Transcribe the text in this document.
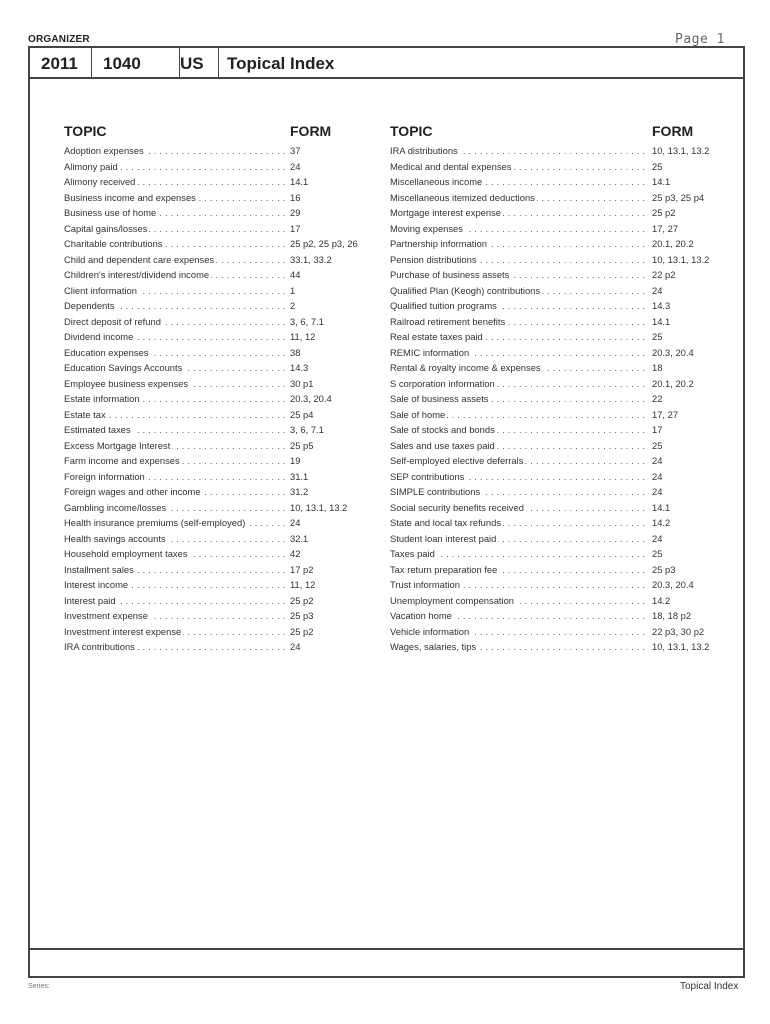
ORGANIZER	Page 1
2011	1040	US	Topical Index
TOPIC	FORM
Adoption expenses . . .	37
Alimony paid . . .	24
Alimony received . . .	14.1
Business income and expenses . . .	16
Business use of home . . .	29
Capital gains/losses . . .	17
Charitable contributions . . .	25 p2, 25 p3, 26
Child and dependent care expenses . . .	33.1, 33.2
Children's interest/dividend income . . .	44
Client information . . .	1
Dependents . . .	2
Direct deposit of refund . . .	3, 6, 7.1
Dividend income . . .	11, 12
Education expenses . . .	38
Education Savings Accounts . . .	14.3
Employee business expenses . . .	30 p1
Estate information . . .	20.3, 20.4
Estate tax . . .	25 p4
Estimated taxes . . .	3, 6, 7.1
Excess Mortgage Interest . . .	25 p5
Farm income and expenses . . .	19
Foreign information . . .	31.1
Foreign wages and other income . . .	31.2
Gambling income/losses . . .	10, 13.1, 13.2
Health insurance premiums (self-employed) . . .	24
Health savings accounts . . .	32.1
Household employment taxes . . .	42
Installment sales . . .	17 p2
Interest income . . .	11, 12
Interest paid . . .	25 p2
Investment expense . . .	25 p3
Investment interest expense . . .	25 p2
IRA contributions . . .	24
TOPIC	FORM
IRA distributions . . .	10, 13.1, 13.2
Medical and dental expenses . . .	25
Miscellaneous income . . .	14.1
Miscellaneous itemized deductions . . .	25 p3, 25 p4
Mortgage interest expense . . .	25 p2
Moving expenses . . .	17, 27
Partnership information . . .	20.1, 20.2
Pension distributions . . .	10, 13.1, 13.2
Purchase of business assets . . .	22 p2
Qualified Plan (Keogh) contributions . . .	24
Qualified tuition programs . . .	14.3
Railroad retirement benefits . . .	14.1
Real estate taxes paid . . .	25
REMIC information . . .	20.3, 20.4
Rental & royalty income & expenses . . .	18
S corporation information . . .	20.1, 20.2
Sale of business assets . . .	22
Sale of home . . .	17, 27
Sale of stocks and bonds . . .	17
Sales and use taxes paid . . .	25
Self-employed elective deferrals . . .	24
SEP contributions . . .	24
SIMPLE contributions . . .	24
Social security benefits received . . .	14.1
State and local tax refunds . . .	14.2
Student loan interest paid . . .	24
Taxes paid . . .	25
Tax return preparation fee . . .	25 p3
Trust information . . .	20.3, 20.4
Unemployment compensation . . .	14.2
Vacation home . . .	18, 18 p2
Vehicle information . . .	22 p3, 30 p2
Wages, salaries, tips . . .	10, 13.1, 13.2
Series:	Topical Index
